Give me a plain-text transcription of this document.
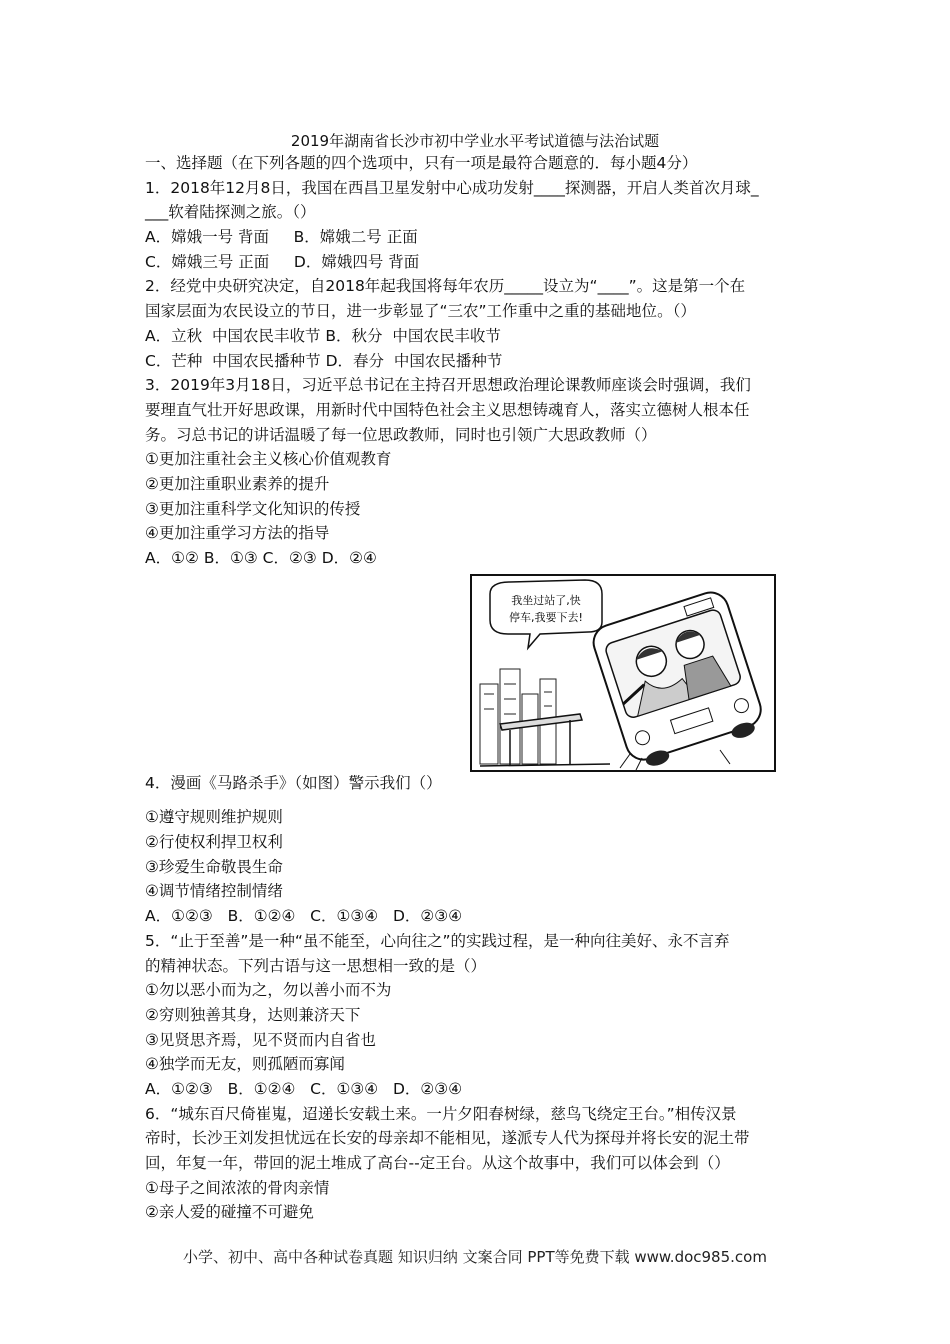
2019年湖南省长沙市初中学业水平考试道德与法治试题
一、选择题（在下列各题的四个选项中，只有一项是最符合题意的．每小题4分）
1．2018年12月8日，我国在西昌卫星发射中心成功发射____探测器，开启人类首次月球_
___软着陆探测之旅。（）
A．嫦娥一号 背面     B．嫦娥二号 正面
C．嫦娥三号 正面     D．嫦娥四号 背面
2．经党中央研究决定，自2018年起我国将每年农历_____设立为“____”。这是第一个在
国家层面为农民设立的节日，进一步彰显了“三农”工作重中之重的基础地位。（）
A．立秋  中国农民丰收节 B．秋分  中国农民丰收节
C．芒种  中国农民播种节 D．春分  中国农民播种节
3．2019年3月18日，习近平总书记在主持召开思想政治理论课教师座谈会时强调，我们
要理直气壮开好思政课，用新时代中国特色社会主义思想铸魂育人，落实立德树人根本任
务。习总书记的讲话温暖了每一位思政教师，同时也引领广大思政教师（）
①更加注重社会主义核心价值观教育
②更加注重职业素养的提升
③更加注重科学文化知识的传授
④更加注重学习方法的指导
A．①② B．①③ C．②③ D．②④
4．漫画《马路杀手》（如图）警示我们（）
①遵守规则维护规则
②行使权利捍卫权利
③珍爱生命敬畏生命
④调节情绪控制情绪
A．①②③   B．①②④   C．①③④   D．②③④
5．“止于至善”是一种“虽不能至，心向往之”的实践过程，是一种向往美好、永不言弃
的精神状态。下列古语与这一思想相一致的是（）
①勿以恶小而为之，勿以善小而不为
②穷则独善其身，达则兼济天下
③见贤思齐焉，见不贤而内自省也
④独学而无友，则孤陋而寡闻
A．①②③   B．①②④   C．①③④   D．②③④
6．“城东百尺倚崔嵬，迢递长安载土来。一片夕阳春树绿，慈鸟飞绕定王台。”相传汉景
帝时，长沙王刘发担忧远在长安的母亲却不能相见，遂派专人代为探母并将长安的泥土带
回，年复一年，带回的泥土堆成了高台--定王台。从这个故事中，我们可以体会到（）
①母子之间浓浓的骨肉亲情
②亲人爱的碰撞不可避免
我坐过站了,快
停车,我要下去!
小学、初中、高中各种试卷真题 知识归纳 文案合同 PPT等免费下载 www.doc985.com
